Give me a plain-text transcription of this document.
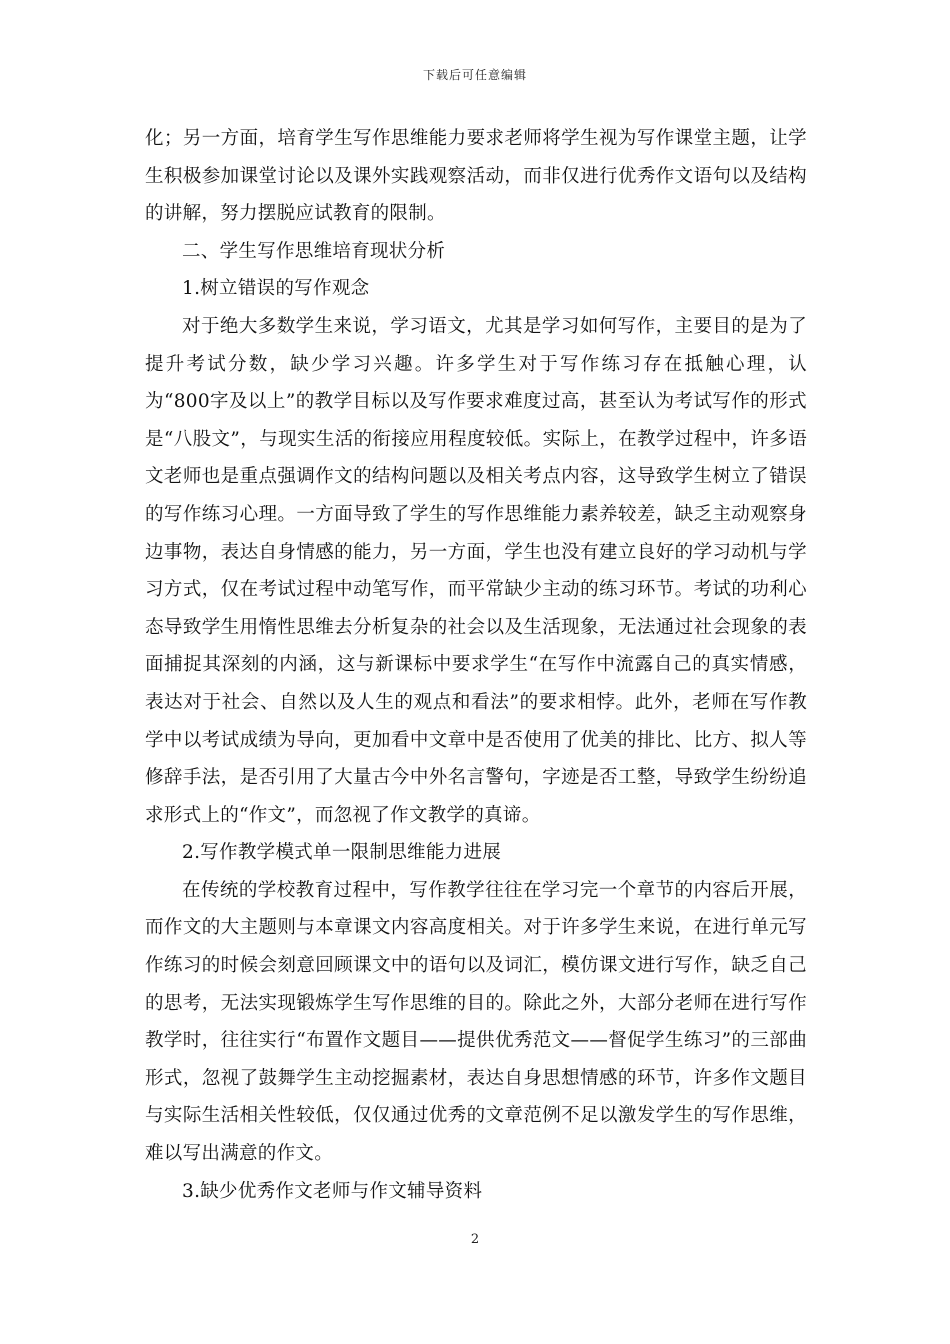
下载后可任意编辑

化；另一方面，培育学生写作思维能力要求老师将学生视为写作课堂主题，让学生积极参加课堂讨论以及课外实践观察活动，而非仅进行优秀作文语句以及结构的讲解，努力摆脱应试教育的限制。

二、学生写作思维培育现状分析

1.树立错误的写作观念

对于绝大多数学生来说，学习语文，尤其是学习如何写作，主要目的是为了提升考试分数，缺少学习兴趣。许多学生对于写作练习存在抵触心理，认为“800字及以上”的教学目标以及写作要求难度过高，甚至认为考试写作的形式是“八股文”，与现实生活的衔接应用程度较低。实际上，在教学过程中，许多语文老师也是重点强调作文的结构问题以及相关考点内容，这导致学生树立了错误的写作练习心理。一方面导致了学生的写作思维能力素养较差，缺乏主动观察身边事物，表达自身情感的能力，另一方面，学生也没有建立良好的学习动机与学习方式，仅在考试过程中动笔写作，而平常缺少主动的练习环节。考试的功利心态导致学生用惰性思维去分析复杂的社会以及生活现象，无法通过社会现象的表面捕捉其深刻的内涵，这与新课标中要求学生“在写作中流露自己的真实情感，表达对于社会、自然以及人生的观点和看法”的要求相悖。此外，老师在写作教学中以考试成绩为导向，更加看中文章中是否使用了优美的排比、比方、拟人等修辞手法，是否引用了大量古今中外名言警句，字迹是否工整，导致学生纷纷追求形式上的“作文”，而忽视了作文教学的真谛。

2.写作教学模式单一限制思维能力进展

在传统的学校教育过程中，写作教学往往在学习完一个章节的内容后开展，而作文的大主题则与本章课文内容高度相关。对于许多学生来说，在进行单元写作练习的时候会刻意回顾课文中的语句以及词汇，模仿课文进行写作，缺乏自己的思考，无法实现锻炼学生写作思维的目的。除此之外，大部分老师在进行写作教学时，往往实行“布置作文题目——提供优秀范文——督促学生练习”的三部曲形式，忽视了鼓舞学生主动挖掘素材，表达自身思想情感的环节，许多作文题目与实际生活相关性较低，仅仅通过优秀的文章范例不足以激发学生的写作思维，难以写出满意的作文。

3.缺少优秀作文老师与作文辅导资料

2
